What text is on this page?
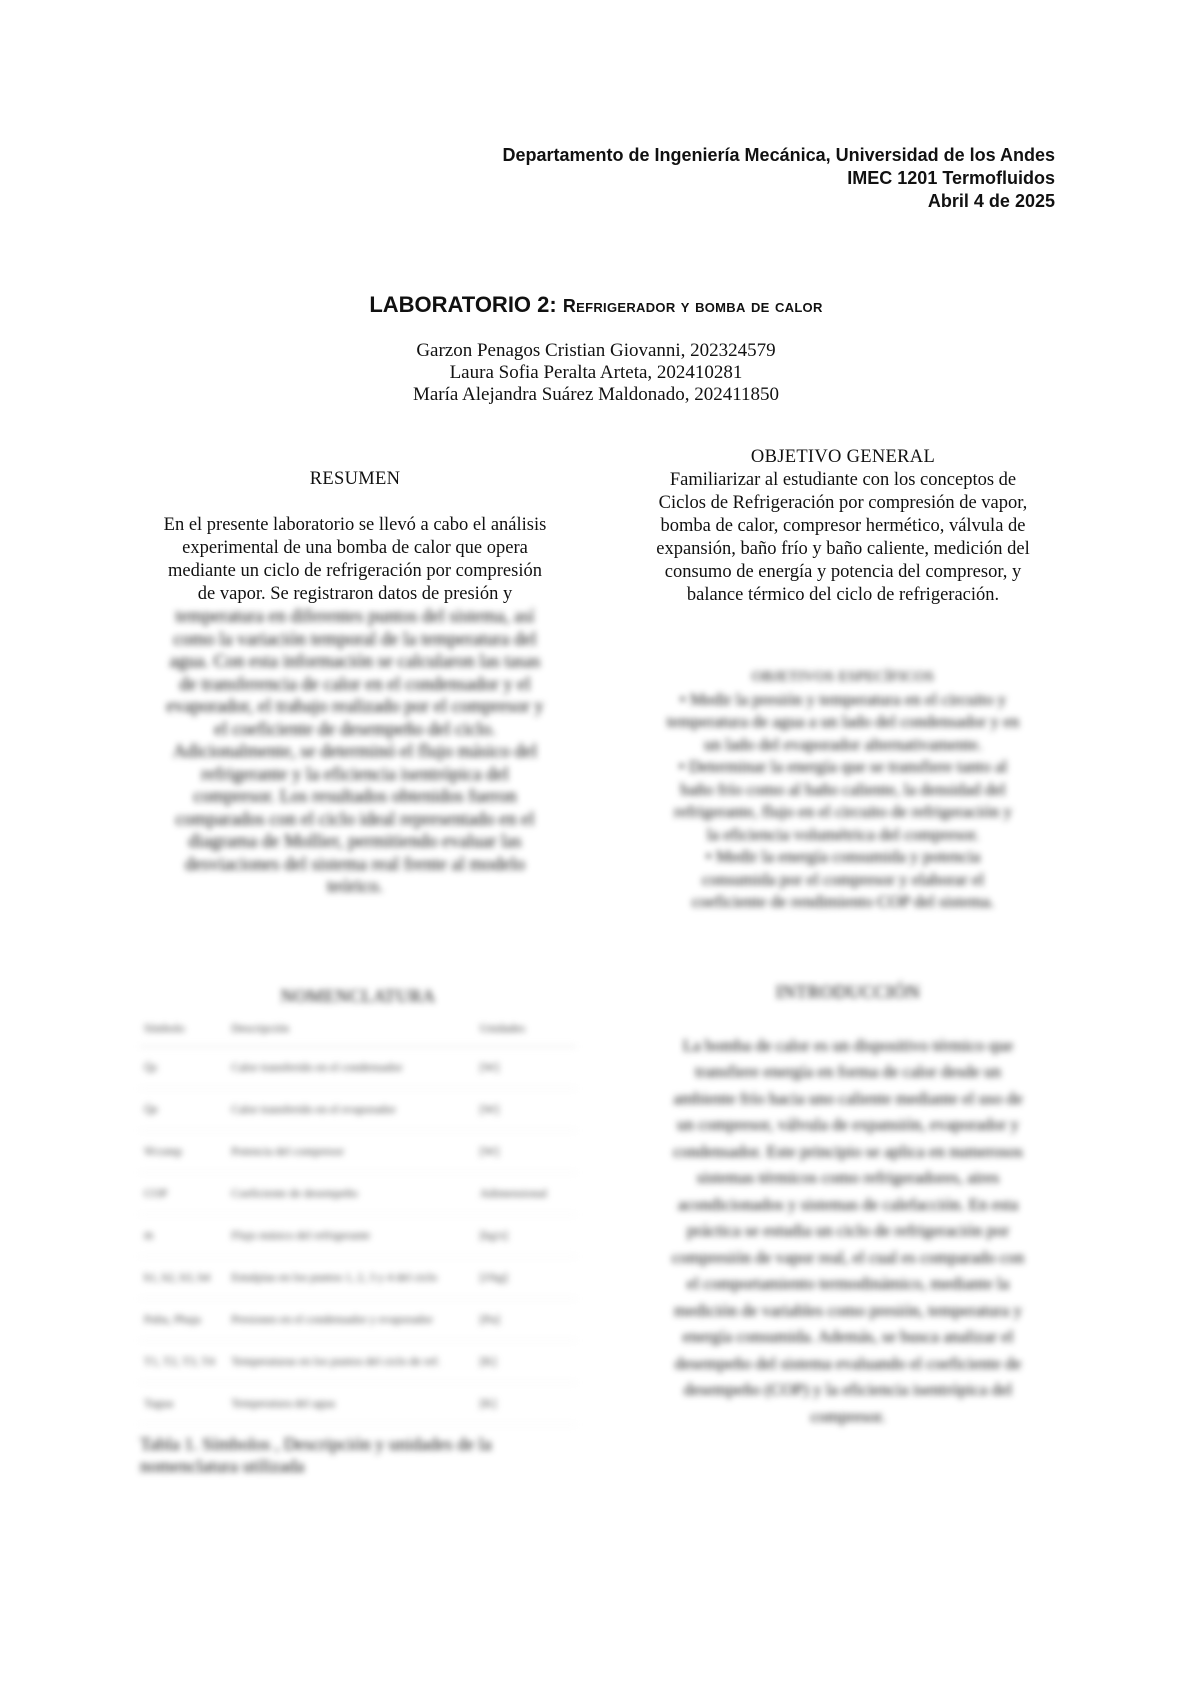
Departamento de Ingeniería Mecánica, Universidad de los Andes
IMEC 1201 Termofluidos
Abril 4 de 2025
LABORATORIO 2: Refrigerador y bomba de calor
Garzon Penagos Cristian Giovanni, 202324579
Laura Sofia Peralta Arteta, 202410281
María Alejandra Suárez Maldonado, 202411850
RESUMEN
En el presente laboratorio se llevó a cabo el análisis
experimental de una bomba de calor que opera
mediante un ciclo de refrigeración por compresión
de vapor. Se registraron datos de presión y
temperatura en diferentes puntos del sistema, así
como la variación temporal de la temperatura del
agua. Con esta información se calcularon las tasas
de transferencia de calor en el condensador y el
evaporador, el trabajo realizado por el compresor y
el coeficiente de desempeño del ciclo.
Adicionalmente, se determinó el flujo másico del
refrigerante y la eficiencia isentrópica del
compresor. Los resultados obtenidos fueron
comparados con el ciclo ideal representado en el
diagrama de Mollier, permitiendo evaluar las
desviaciones del sistema real frente al modelo
teórico.
OBJETIVO GENERAL
Familiarizar al estudiante con los conceptos de
Ciclos de Refrigeración por compresión de vapor,
bomba de calor, compresor hermético, válvula de
expansión, baño frío y baño caliente, medición del
consumo de energía y potencia del compresor, y
balance térmico del ciclo de refrigeración.
OBJETIVOS ESPECÍFICOS
• Medir la presión y temperatura en el circuito y
temperatura de agua a un lado del condensador y en
un lado del evaporador alternativamente.
• Determinar la energía que se transfiere tanto al
baño frío como al baño caliente, la densidad del
refrigerante, flujo en el circuito de refrigeración y
la eficiencia volumétrica del compresor.
• Medir la energía consumida y potencia
consumida por el compresor y elaborar el
coeficiente de rendimiento COP del sistema.
NOMENCLATURA
Símbolo	Descripción	Unidades
Q̇c	Calor transferido en el condensador	[W]
Q̇e	Calor transferido en el evaporador	[W]
Ẇcomp	Potencia del compresor	[W]
COP	Coeficiente de desempeño	Adimensional
ṁ	Flujo másico del refrigerante	[kg/s]
h1, h2, h3, h4	Entalpías en los puntos 1, 2, 3 y 4 del ciclo	[J/kg]
Palta, Pbaja	Presiones en el condensador y evaporador	[Pa]
T1, T2, T3, T4	Temperaturas en los puntos del ciclo de ref.	[K]
Tagua	Temperatura del agua	[K]
Tabla 1. Símbolos , Descripción y unidades de la
nomenclatura utilizada
INTRODUCCIÓN
La bomba de calor es un dispositivo térmico que
transfiere energía en forma de calor desde un
ambiente frío hacia uno caliente mediante el uso de
un compresor, válvula de expansión, evaporador y
condensador. Este principio se aplica en numerosos
sistemas térmicos como refrigeradores, aires
acondicionados y sistemas de calefacción. En esta
práctica se estudia un ciclo de refrigeración por
compresión de vapor real, el cual es comparado con
el comportamiento termodinámico, mediante la
medición de variables como presión, temperatura y
energía consumida. Además, se busca analizar el
desempeño del sistema evaluando el coeficiente de
desempeño (COP) y la eficiencia isentrópica del
compresor.
